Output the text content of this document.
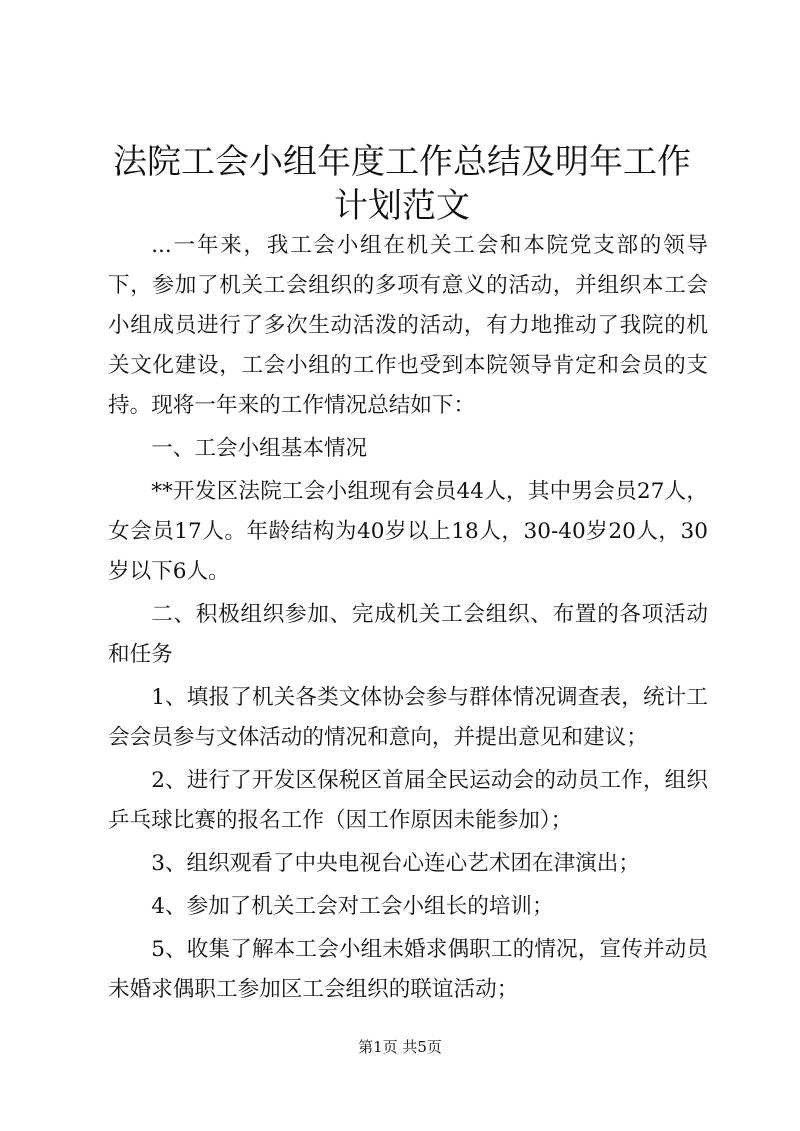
法院工会小组年度工作总结及明年工作计划范文

...一年来，我工会小组在机关工会和本院党支部的领导下，参加了机关工会组织的多项有意义的活动，并组织本工会小组成员进行了多次生动活泼的活动，有力地推动了我院的机关文化建设，工会小组的工作也受到本院领导肯定和会员的支持。现将一年来的工作情况总结如下：

一、工会小组基本情况

**开发区法院工会小组现有会员44人，其中男会员27人，女会员17人。年龄结构为40岁以上18人，30-40岁20人，30岁以下6人。

二、积极组织参加、完成机关工会组织、布置的各项活动和任务

1、填报了机关各类文体协会参与群体情况调查表，统计工会会员参与文体活动的情况和意向，并提出意见和建议；

2、进行了开发区保税区首届全民运动会的动员工作，组织乒乓球比赛的报名工作（因工作原因未能参加）；

3、组织观看了中央电视台心连心艺术团在津演出；

4、参加了机关工会对工会小组长的培训；

5、收集了解本工会小组未婚求偶职工的情况，宣传并动员未婚求偶职工参加区工会组织的联谊活动；

第1页 共5页
